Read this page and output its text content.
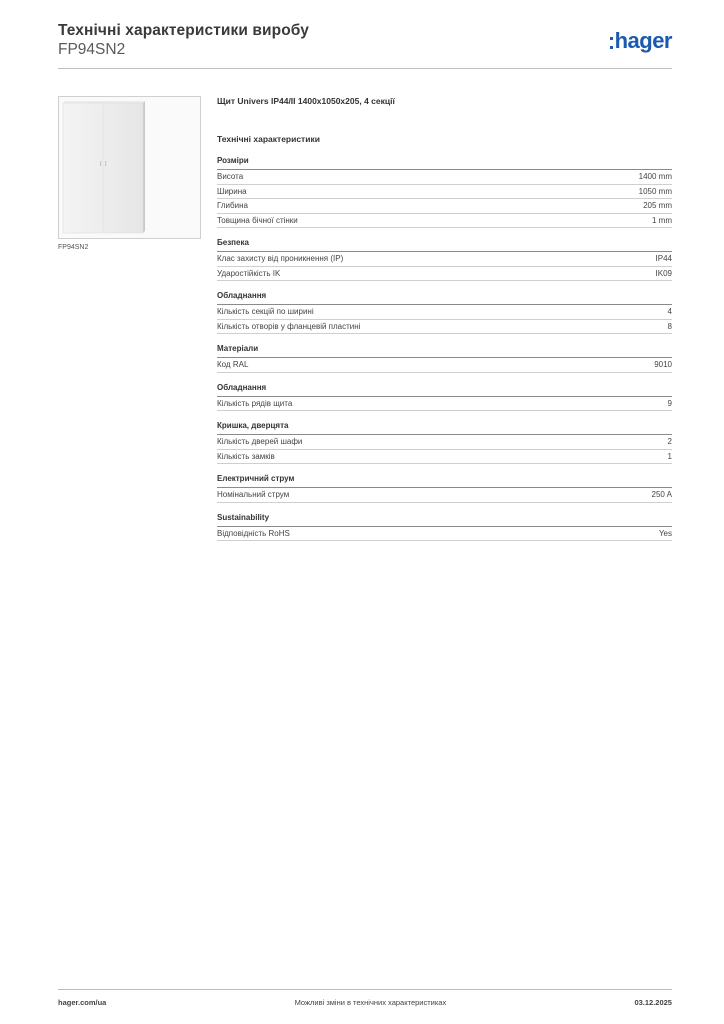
Технічні характеристики виробу
FP94SN2	hager
FP94SN2
Щит Univers IP44/II 1400x1050x205, 4 секції
Технічні характеристики
Розміри
Висота	1400 mm
Ширина	1050 mm
Глибина	205 mm
Товщина бічної стінки	1 mm
Безпека
Клас захисту від проникнення (IP)	IP44
Ударостійкість IK	IK09
Обладнання
Кількість секцій по ширині	4
Кількість отворів у фланцевій пластині	8
Матеріали
Код RAL	9010
Обладнання
Кількість рядів щита	9
Кришка, дверцята
Кількість дверей шафи	2
Кількість замків	1
Електричний струм
Номінальний струм	250 A
Sustainability
Відповідність RoHS	Yes
hager.com/ua	Можливі зміни в технічних характеристиках	03.12.2025
